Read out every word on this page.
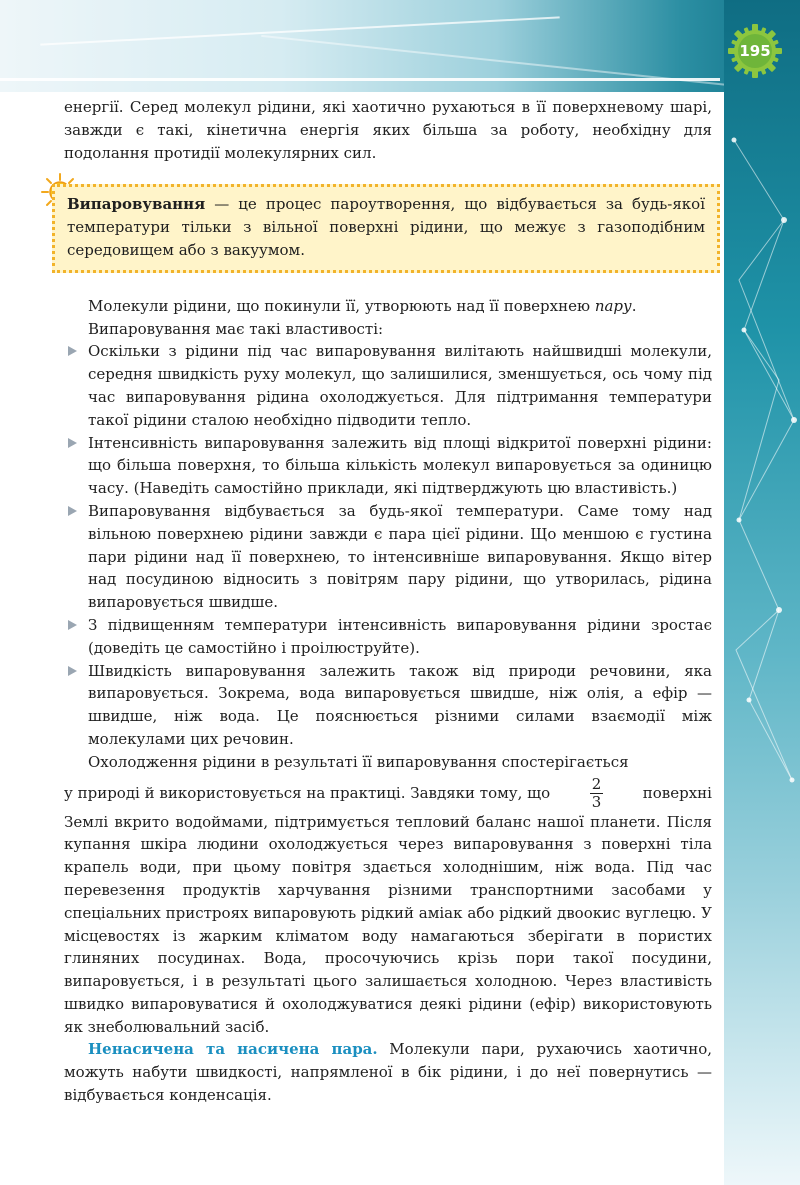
195

енергії. Серед молекул рідини, які хаотично рухаються в її поверхневому шарі, завжди є такі, кінетична енергія яких більша за роботу, необхідну для подолання протидії молекулярних сил.

Випаровування — це процес пароутворення, що відбувається за будь-якої температури тільки з вільної поверхні рідини, що межує з газоподібним середовищем або з вакуумом.

Молекули рідини, що покинули її, утворюють над її поверхнею пару.

Випаровування має такі властивості:

Оскільки з рідини під час випаровування вилітають найшвидші молекули, середня швидкість руху молекул, що залишилися, зменшується, ось чому під час випаровування рідина охолоджується. Для підтримання температури такої рідини сталою необхідно підводити тепло.
Інтенсивність випаровування залежить від площі відкритої поверхні рідини: що більша поверхня, то більша кількість молекул випаровується за одиницю часу. (Наведіть самостійно приклади, які підтверджують цю властивість.)
Випаровування відбувається за будь-якої температури. Саме тому над вільною поверхнею рідини завжди є пара цієї рідини. Що меншою є густина пари рідини над її поверхнею, то інтенсивніше випаровування. Якщо вітер над посудиною відносить з повітрям пару рідини, що утворилась, рідина випаровується швидше.
З підвищенням температури інтенсивність випаровування рідини зростає (доведіть це самостійно і проілюструйте).
Швидкість випаровування залежить також від природи речовини, яка випаровується. Зокрема, вода випаровується швидше, ніж олія, а ефір — швидше, ніж вода. Це пояснюється різними силами взаємодії між молекулами цих речовин.

Охолодження рідини в результаті її випаровування спостерігається

у природі й використовується на практиці. Завдяки тому, що	$\frac{2}{3}$	поверхні

Землі вкрито водоймами, підтримується тепловий баланс нашої планети. Після купання шкіра людини охолоджується через випаровування з поверхні тіла крапель води, при цьому повітря здається холоднішим, ніж вода. Під час перевезення продуктів харчування різними транспортними засобами у спеціальних пристроях випаровують рідкий аміак або рідкий двоокис вуглецю. У місцевостях із жарким кліматом воду намагаються зберігати в пористих глиняних посудинах. Вода, просочуючись крізь пори такої посудини, випаровується, і в результаті цього залишається холодною. Через властивість швидко випаровуватися й охолоджуватися деякі рідини (ефір) використовують як знеболювальний засіб.

Ненасичена та насичена пара. Молекули пари, рухаючись хаотично, можуть набути швидкості, напрямленої в бік рідини, і до неї повернутись — відбувається конденсація.
